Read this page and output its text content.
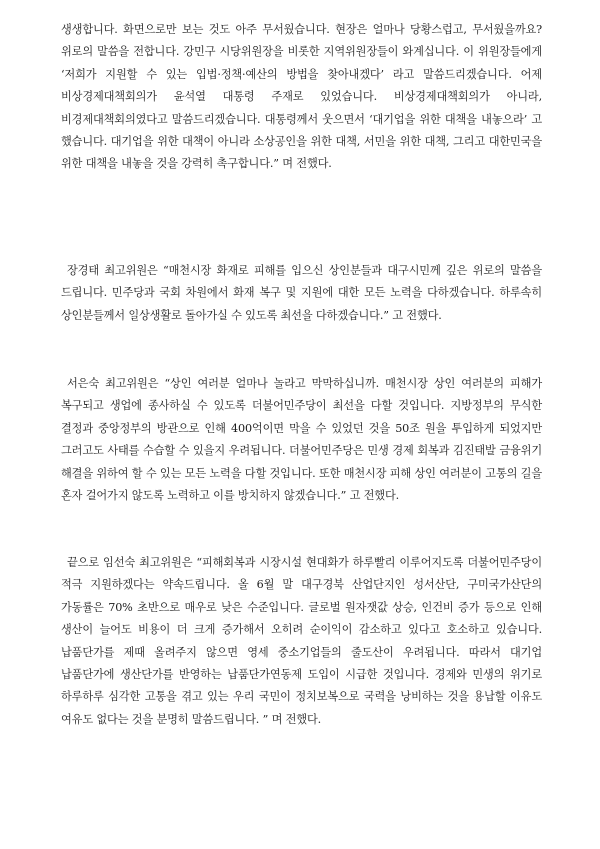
생생합니다. 화면으로만 보는 것도 아주 무서웠습니다. 현장은 얼마나 당황스럽고, 무서웠을까요? 위로의 말씀을 전합니다. 강민구 시당위원장을 비롯한 지역위원장들이 와계십니다. 이 위원장들에게 ‘저희가 지원할 수 있는 입법·정책·예산의 방법을 찾아내겠다’ 라고 말씀드리겠습니다. 어제 비상경제대책회의가 윤석열 대통령 주재로 있었습니다. 비상경제대책회의가 아니라, 비경제대책회의였다고 말씀드리겠습니다. 대통령께서 웃으면서 ‘대기업을 위한 대책을 내놓으라’ 고 했습니다. 대기업을 위한 대책이 아니라 소상공인을 위한 대책, 서민을 위한 대책, 그리고 대한민국을 위한 대책을 내놓을 것을 강력히 촉구합니다.” 며 전했다.

장경태 최고위원은 “매천시장 화재로 피해를 입으신 상인분들과 대구시민께 깊은 위로의 말씀을 드립니다. 민주당과 국회 차원에서 화재 복구 및 지원에 대한 모든 노력을 다하겠습니다. 하루속히 상인분들께서 일상생활로 돌아가실 수 있도록 최선을 다하겠습니다.” 고 전했다.

서은숙 최고위원은 “상인 여러분 얼마나 놀라고 막막하십니까. 매천시장 상인 여러분의 피해가 복구되고 생업에 종사하실 수 있도록 더불어민주당이 최선을 다할 것입니다. 지방정부의 무식한 결정과 중앙정부의 방관으로 인해 400억이면 막을 수 있었던 것을 50조 원을 투입하게 되었지만 그러고도 사태를 수습할 수 있을지 우려됩니다. 더불어민주당은 민생 경제 회복과 김진태발 금융위기 해결을 위하여 할 수 있는 모든 노력을 다할 것입니다. 또한 매천시장 피해 상인 여러분이 고통의 길을 혼자 걸어가지 않도록 노력하고 이를 방치하지 않겠습니다.” 고 전했다.

끝으로 임선숙 최고위원은 “피해회복과 시장시설 현대화가 하루빨리 이루어지도록 더불어민주당이 적극 지원하겠다는 약속드립니다. 올 6월 말 대구경북 산업단지인 성서산단, 구미국가산단의 가동률은 70% 초반으로 매우로 낮은 수준입니다. 글로벌 원자잿값 상승, 인건비 증가 등으로 인해 생산이 늘어도 비용이 더 크게 증가해서 오히려 순이익이 감소하고 있다고 호소하고 있습니다. 납품단가를 제때 올려주지 않으면 영세 중소기업들의 줄도산이 우려됩니다. 따라서 대기업 납품단가에 생산단가를 반영하는 납품단가연동제 도입이 시급한 것입니다. 경제와 민생의 위기로 하루하루 심각한 고통을 겪고 있는 우리 국민이 정치보복으로 국력을 낭비하는 것을 용납할 이유도 여유도 없다는 것을 분명히 말씀드립니다. ” 며 전했다.
